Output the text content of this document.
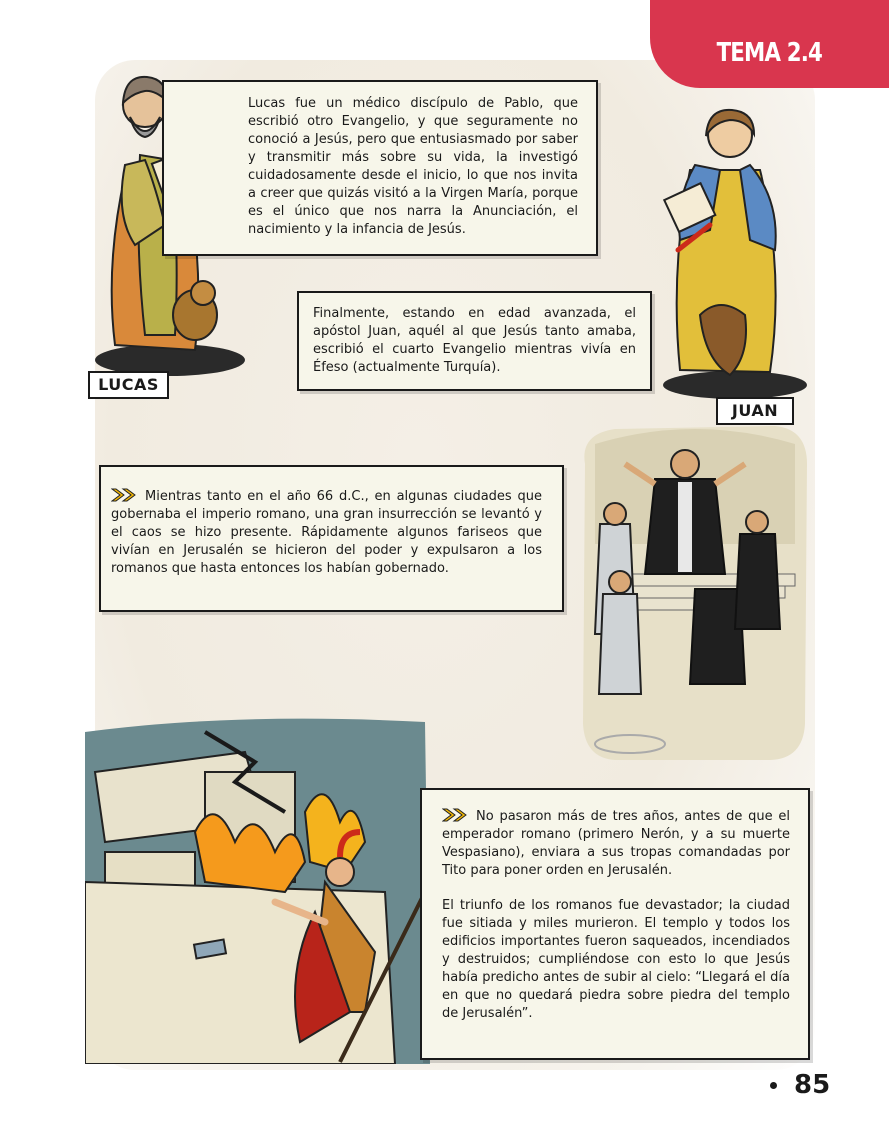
TEMA 2.4

Lucas fue un médico discípulo de Pablo, que escribió otro Evangelio, y que seguramente no conoció a Jesús, pero que entusiasmado por saber y transmitir más sobre su vida, la investigó cuidadosamente desde el inicio, lo que nos invita a creer que quizás visitó a la Virgen María, porque es el único que nos narra la Anunciación, el nacimiento y la infancia de Jesús.

LUCAS

Finalmente, estando en edad avanzada, el apóstol Juan, aquél al que Jesús tanto amaba, escribió el cuarto Evangelio mientras vivía en Éfeso (actualmente Turquía).

JUAN

Mientras tanto en el año 66 d.C., en algunas ciudades que gobernaba el imperio romano, una gran insurrección se levantó y el caos se hizo presente. Rápidamente algunos fariseos que vivían en Jerusalén se hicieron del poder y expulsaron a los romanos que hasta entonces los habían gobernado.

No pasaron más de tres años, antes de que el emperador romano (primero Nerón, y a su muerte Vespasiano), enviara a sus tropas comandadas por Tito para poner orden en Jerusalén.

El triunfo de los romanos fue devastador; la ciudad fue sitiada y miles murieron. El templo y todos los edificios importantes fueron saqueados, incendiados y destruidos; cumpliéndose con esto lo que Jesús había predicho antes de subir al cielo: “Llegará el día en que no quedará piedra sobre piedra del templo de Jerusalén”.

85
